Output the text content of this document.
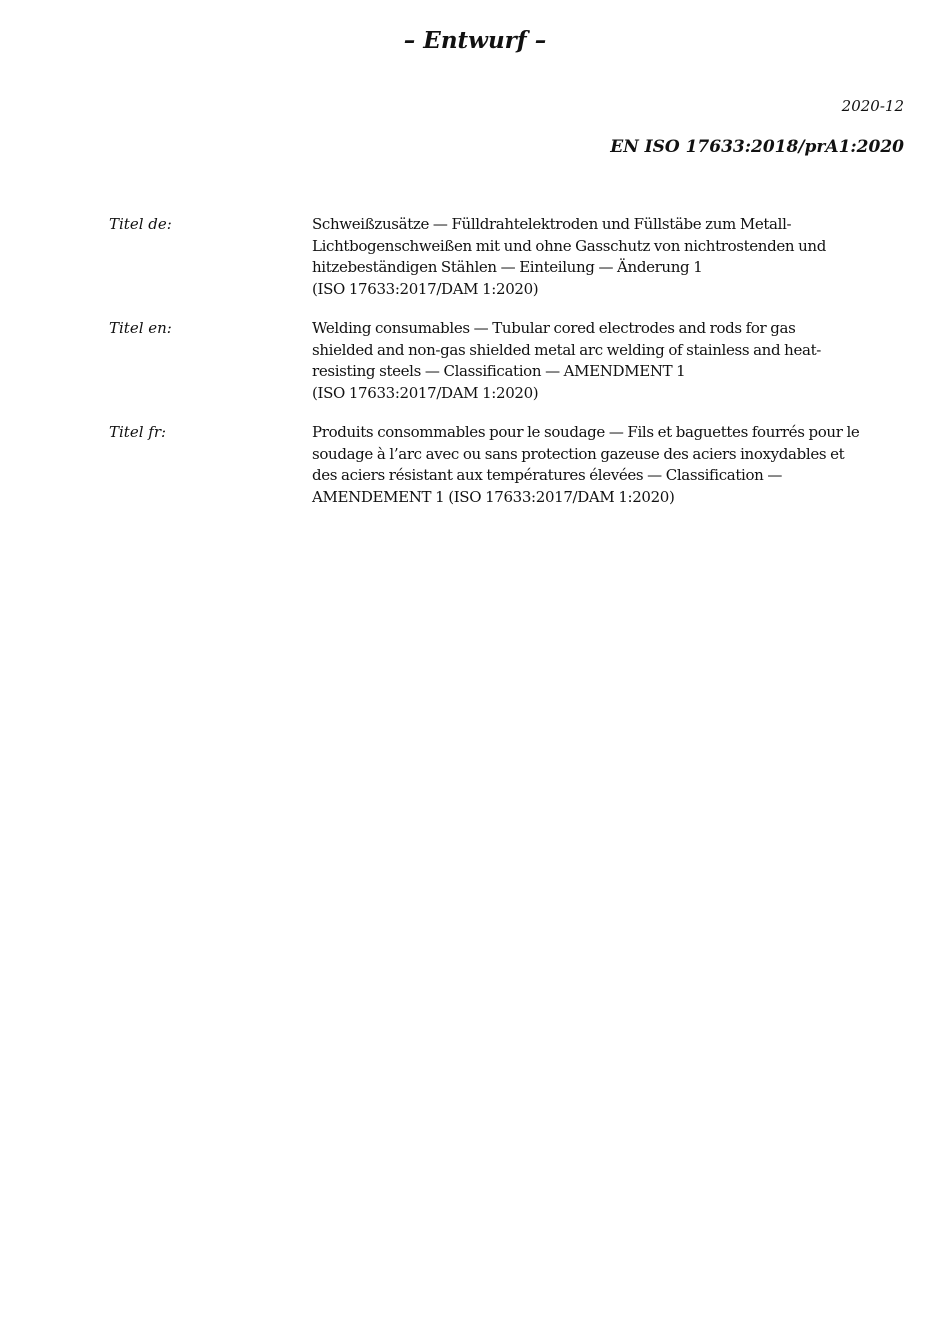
– Entwurf –
2020-12
EN ISO 17633:2018/prA1:2020
Titel de:	Schweißzusätze — Fülldrahtelektroden und Füllstäbe zum Metall-
Lichtbogenschweißen mit und ohne Gasschutz von nichtrostenden und
hitzebeständigen Stählen — Einteilung — Änderung 1
(ISO 17633:2017/DAM 1:2020)
Titel en:	Welding consumables — Tubular cored electrodes and rods for gas
shielded and non-gas shielded metal arc welding of stainless and heat-
resisting steels — Classification — AMENDMENT 1
(ISO 17633:2017/DAM 1:2020)
Titel fr:	Produits consommables pour le soudage — Fils et baguettes fourrés pour le
soudage à l’arc avec ou sans protection gazeuse des aciers inoxydables et
des aciers résistant aux températures élevées — Classification —
AMENDEMENT 1 (ISO 17633:2017/DAM 1:2020)
